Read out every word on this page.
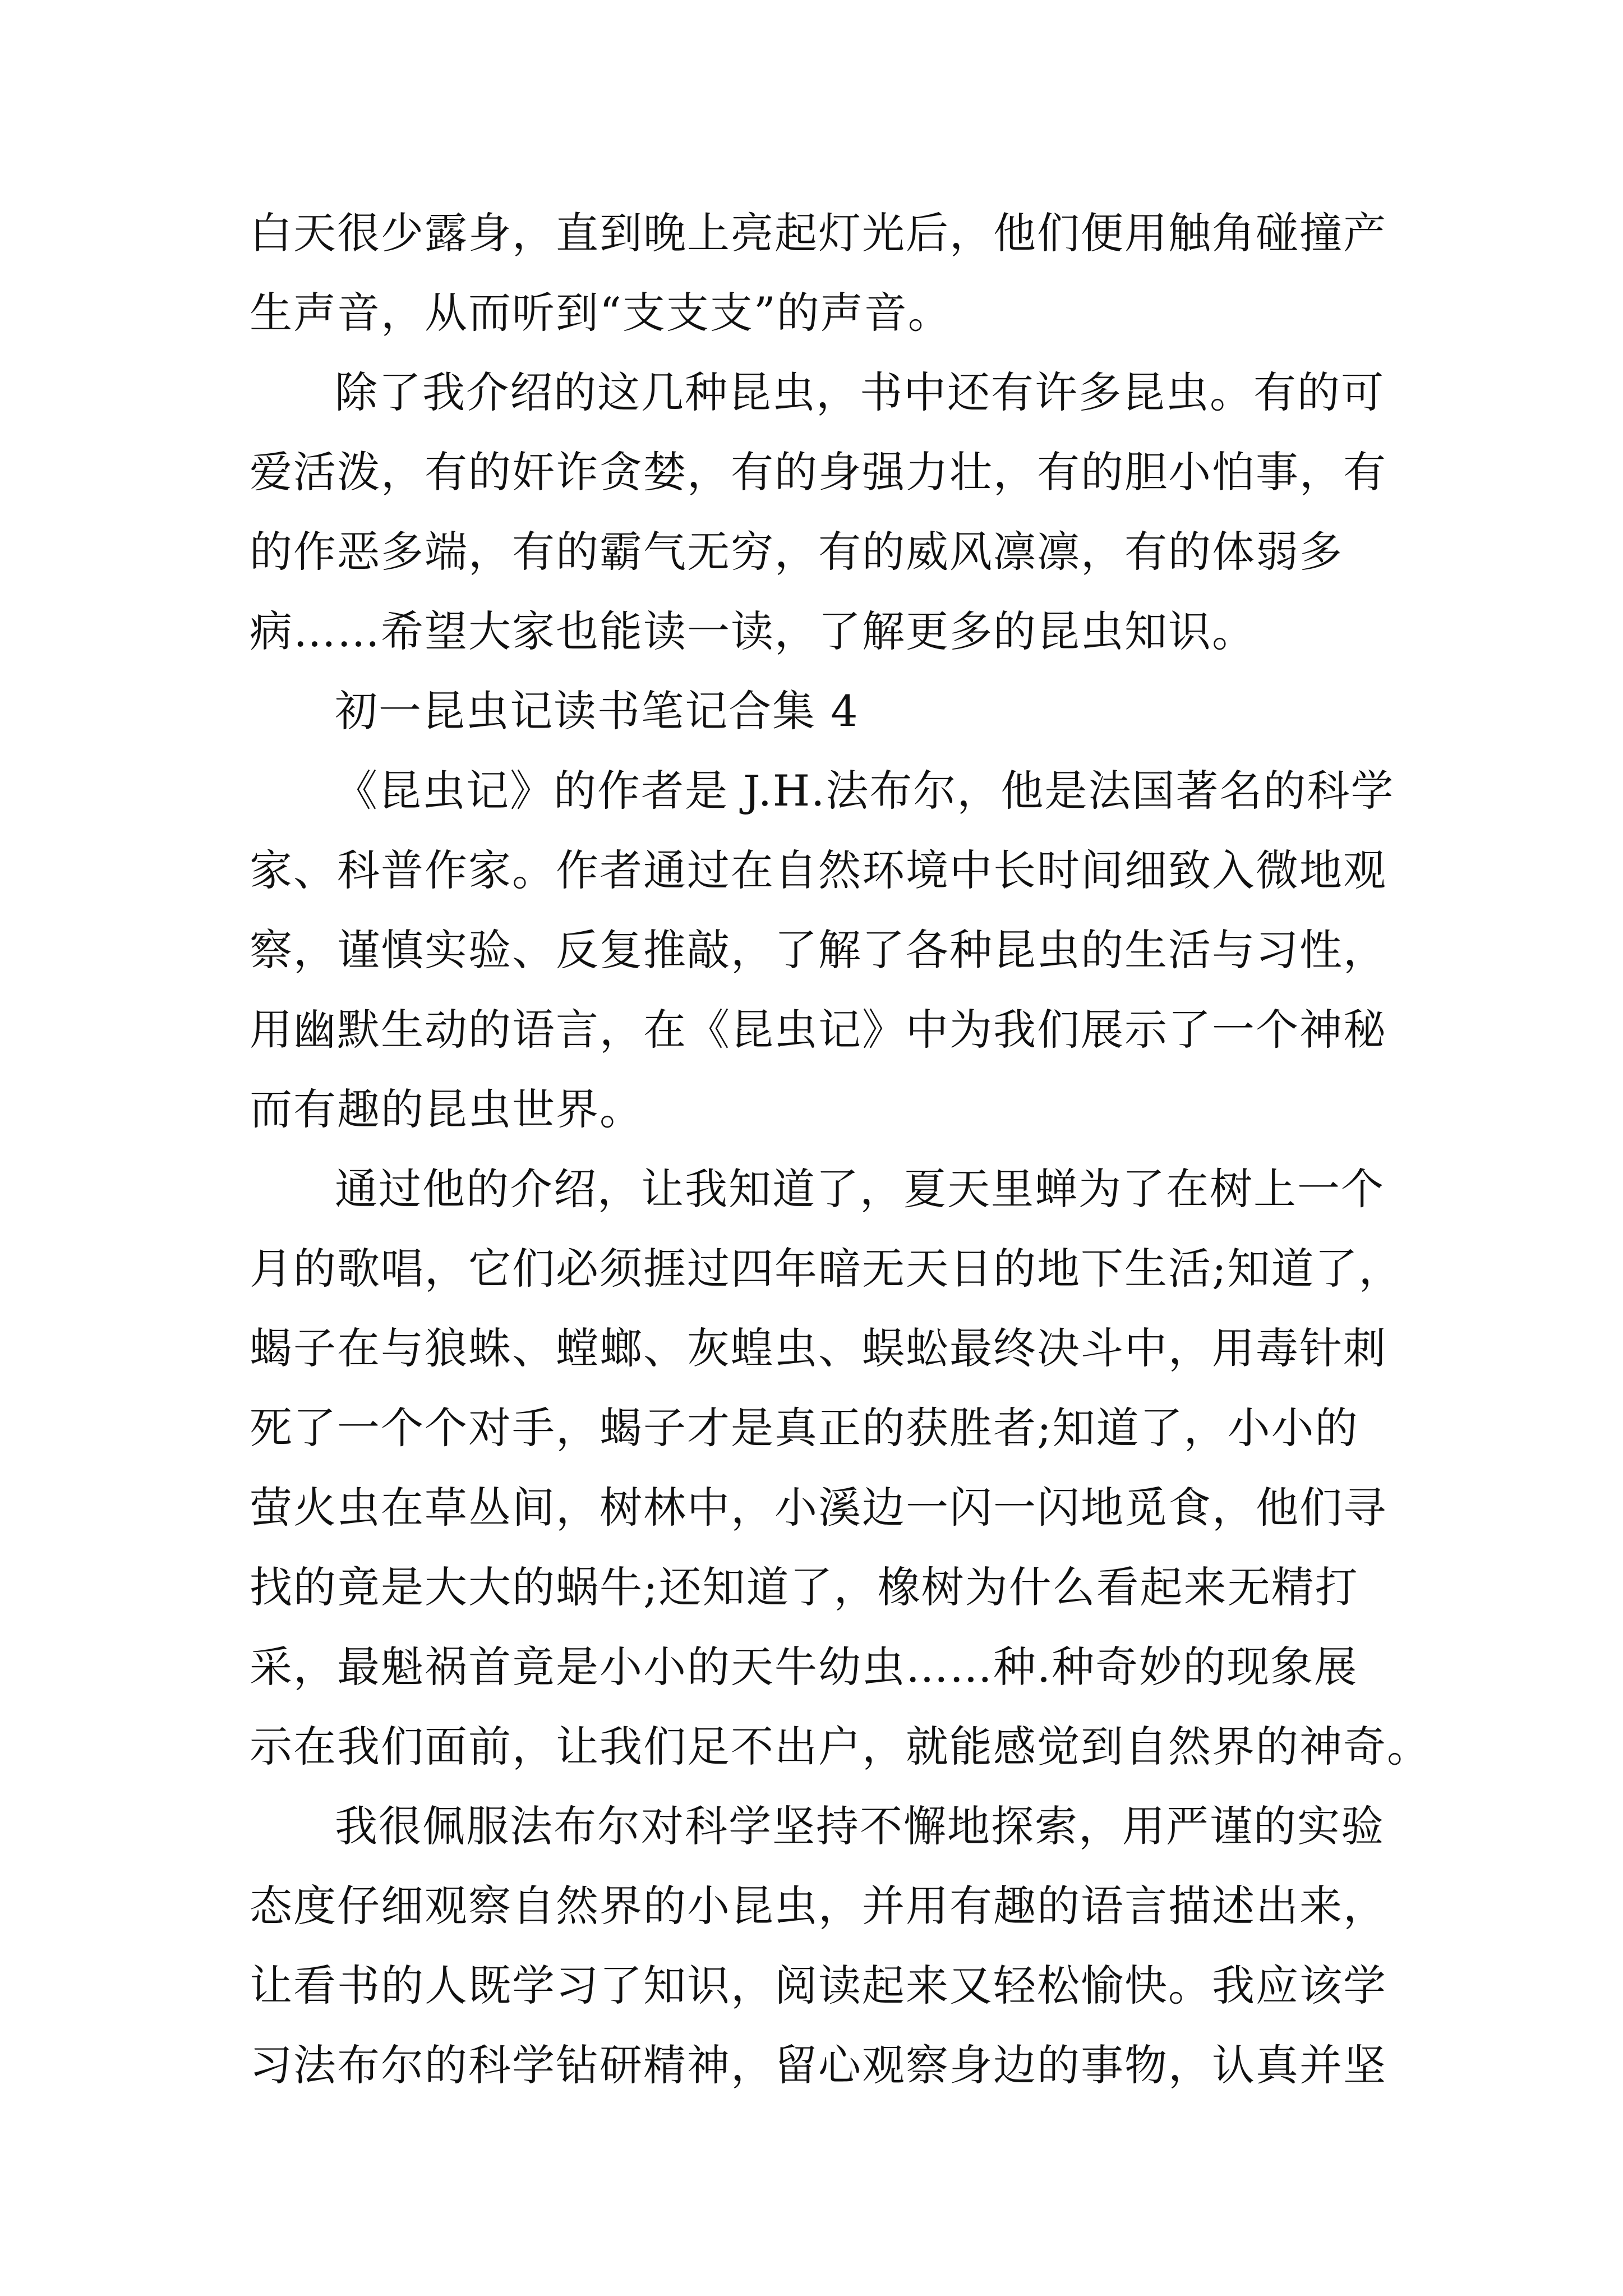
白天很少露身，直到晚上亮起灯光后，他们便用触角碰撞产
生声音，从而听到“支支支”的声音。
除了我介绍的这几种昆虫，书中还有许多昆虫。有的可
爱活泼，有的奸诈贪婪，有的身强力壮，有的胆小怕事，有
的作恶多端，有的霸气无穷，有的威风凛凛，有的体弱多
病……希望大家也能读一读，了解更多的昆虫知识。
初一昆虫记读书笔记合集 4
《昆虫记》的作者是 J.H.法布尔，他是法国著名的科学
家、科普作家。作者通过在自然环境中长时间细致入微地观
察，谨慎实验、反复推敲，了解了各种昆虫的生活与习性，
用幽默生动的语言，在《昆虫记》中为我们展示了一个神秘
而有趣的昆虫世界。
通过他的介绍，让我知道了，夏天里蝉为了在树上一个
月的歌唱，它们必须捱过四年暗无天日的地下生活;知道了，
蝎子在与狼蛛、螳螂、灰蝗虫、蜈蚣最终决斗中，用毒针刺
死了一个个对手，蝎子才是真正的获胜者;知道了，小小的
萤火虫在草丛间，树林中，小溪边一闪一闪地觅食，他们寻
找的竟是大大的蜗牛;还知道了，橡树为什么看起来无精打
采，最魁祸首竟是小小的天牛幼虫……种.种奇妙的现象展
示在我们面前，让我们足不出户，就能感觉到自然界的神奇。
我很佩服法布尔对科学坚持不懈地探索，用严谨的实验
态度仔细观察自然界的小昆虫，并用有趣的语言描述出来，
让看书的人既学习了知识，阅读起来又轻松愉快。我应该学
习法布尔的科学钻研精神，留心观察身边的事物，认真并坚
